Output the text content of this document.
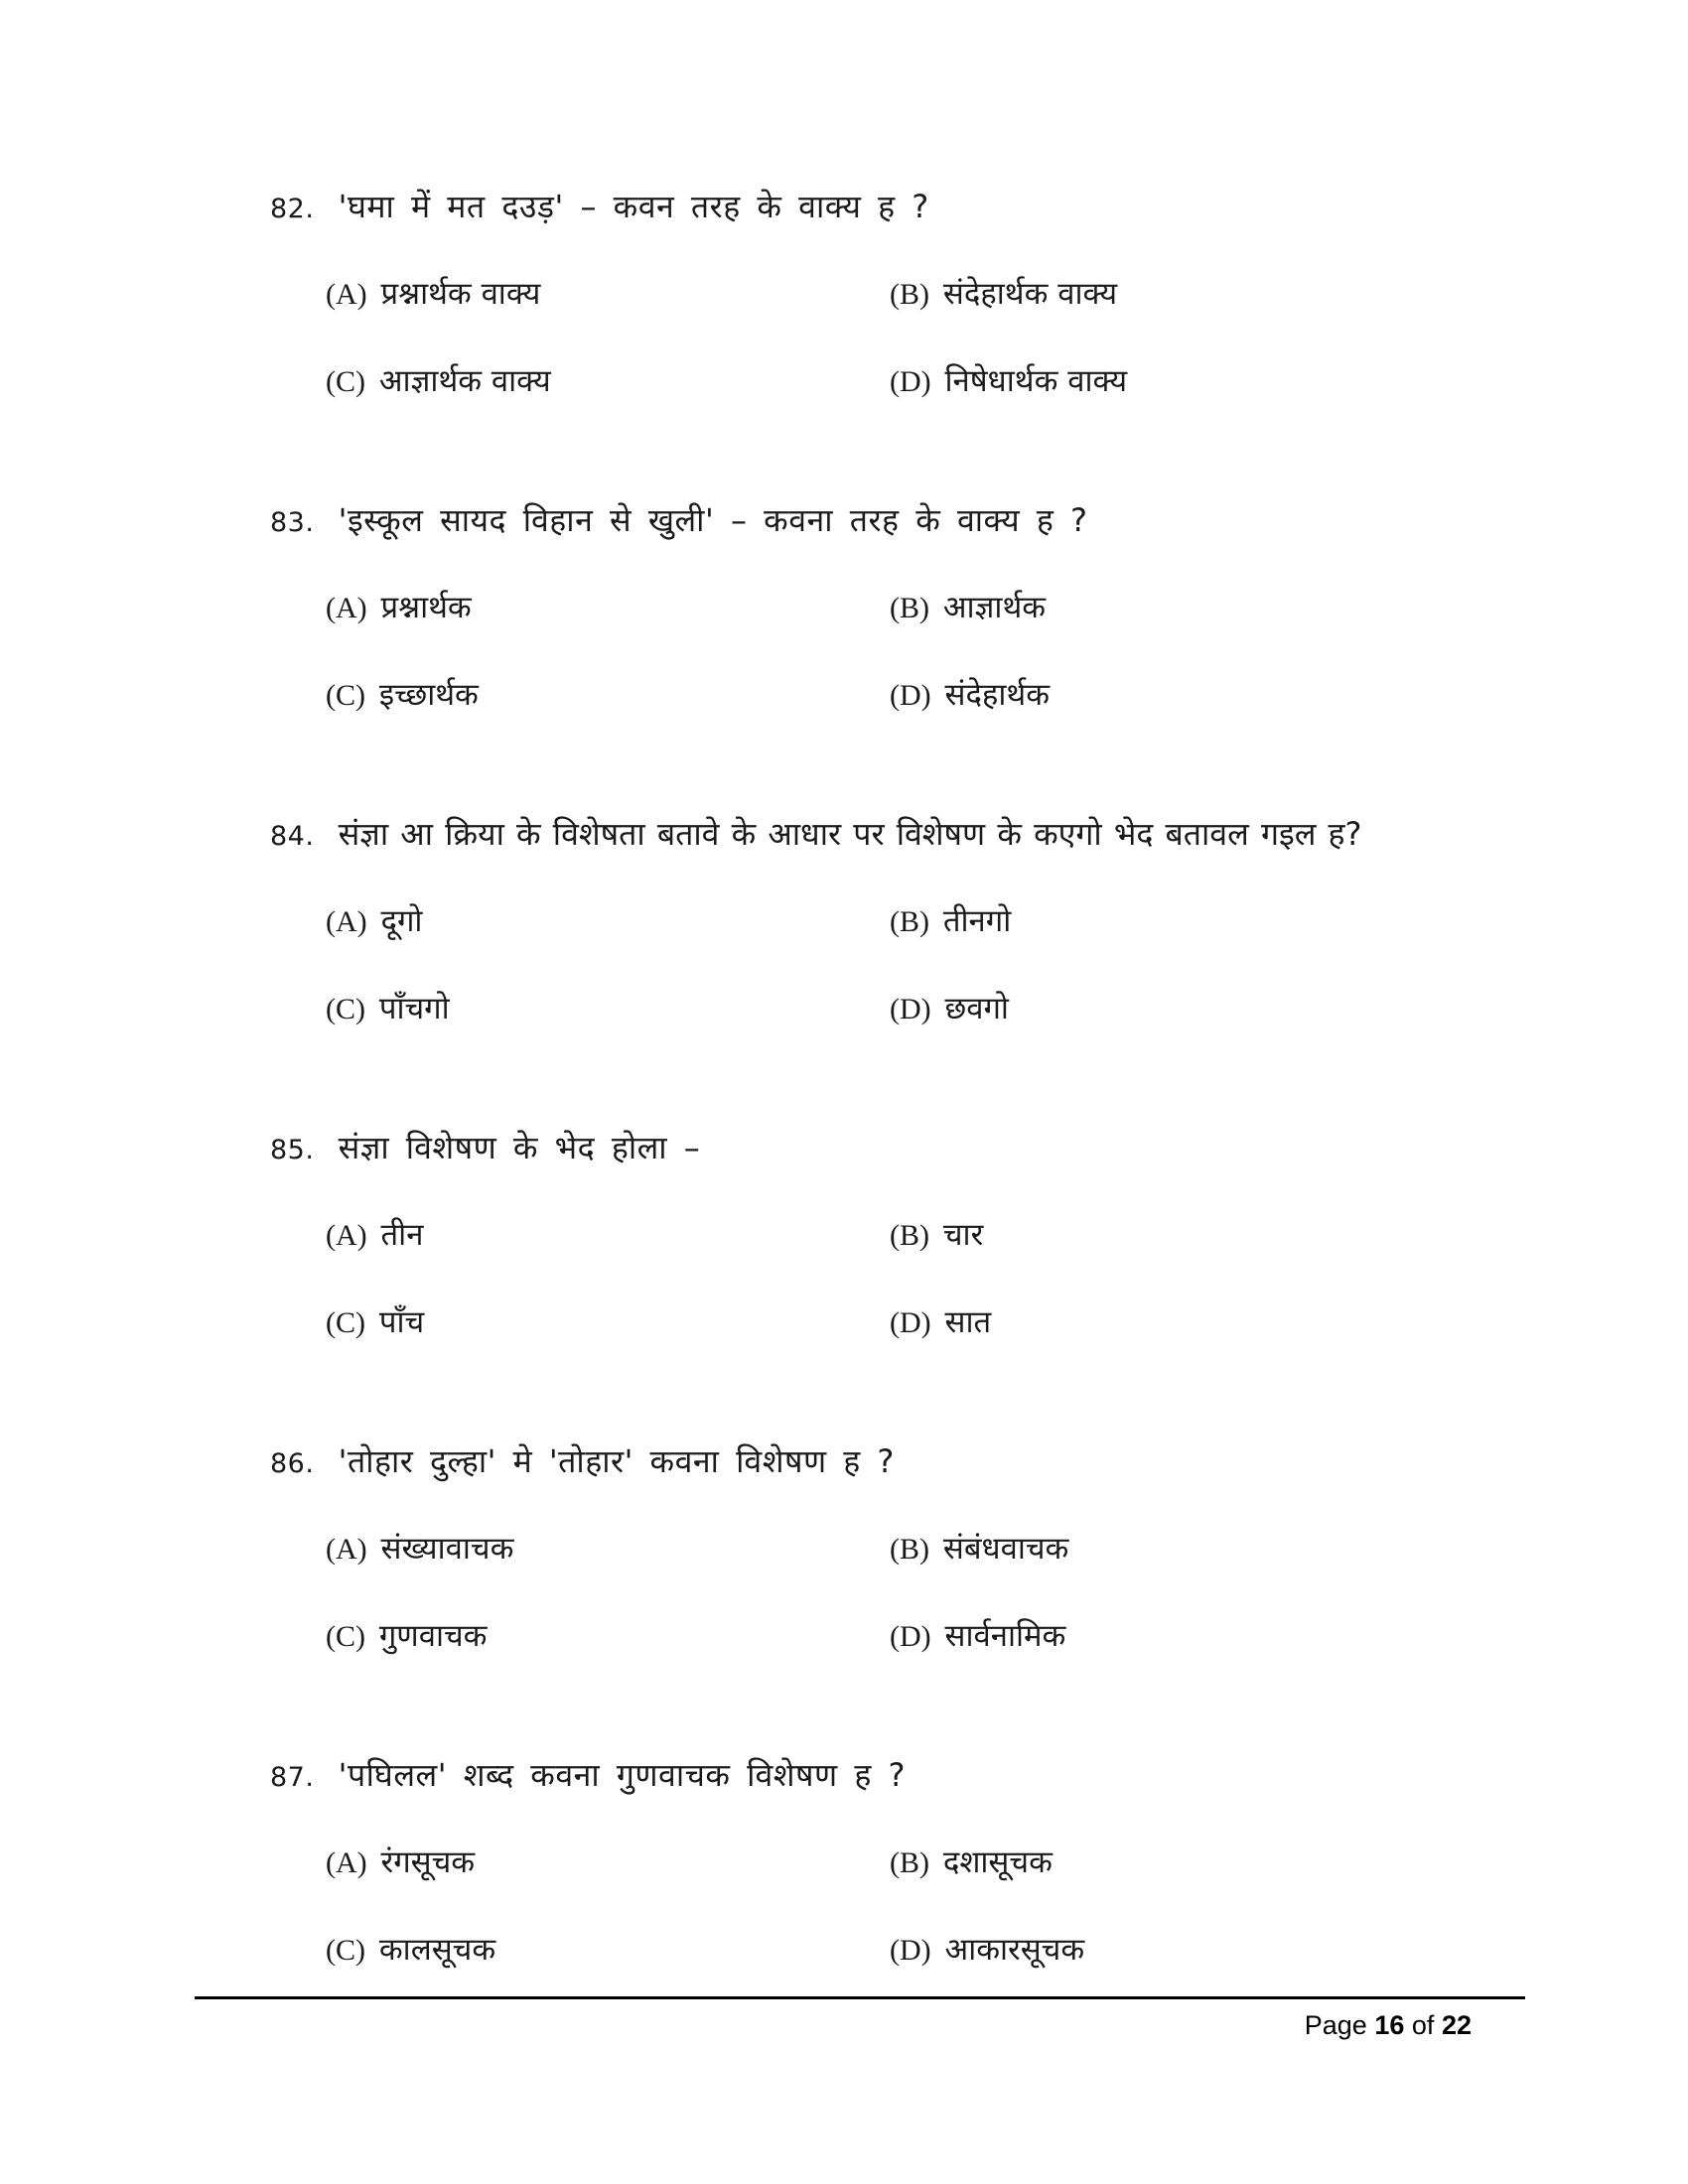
82. 'घमा में मत दउड़' – कवन तरह के वाक्य ह ?
(A) प्रश्नार्थक वाक्य	(B) संदेहार्थक वाक्य
(C) आज्ञार्थक वाक्य	(D) निषेधार्थक वाक्य
83. 'इस्कूल सायद विहान से खुली' – कवना तरह के वाक्य ह ?
(A) प्रश्नार्थक	(B) आज्ञार्थक
(C) इच्छार्थक	(D) संदेहार्थक
84. संज्ञा आ क्रिया के विशेषता बतावे के आधार पर विशेषण के कएगो भेद बतावल गइल ह?
(A) दूगो	(B) तीनगो
(C) पाँचगो	(D) छवगो
85. संज्ञा विशेषण के भेद होला –
(A) तीन	(B) चार
(C) पाँच	(D) सात
86. 'तोहार दुल्हा' मे 'तोहार' कवना विशेषण ह ?
(A) संख्यावाचक	(B) संबंधवाचक
(C) गुणवाचक	(D) सार्वनामिक
87. 'पघिलल' शब्द कवना गुणवाचक विशेषण ह ?
(A) रंगसूचक	(B) दशासूचक
(C) कालसूचक	(D) आकारसूचक
Page 16 of 22
